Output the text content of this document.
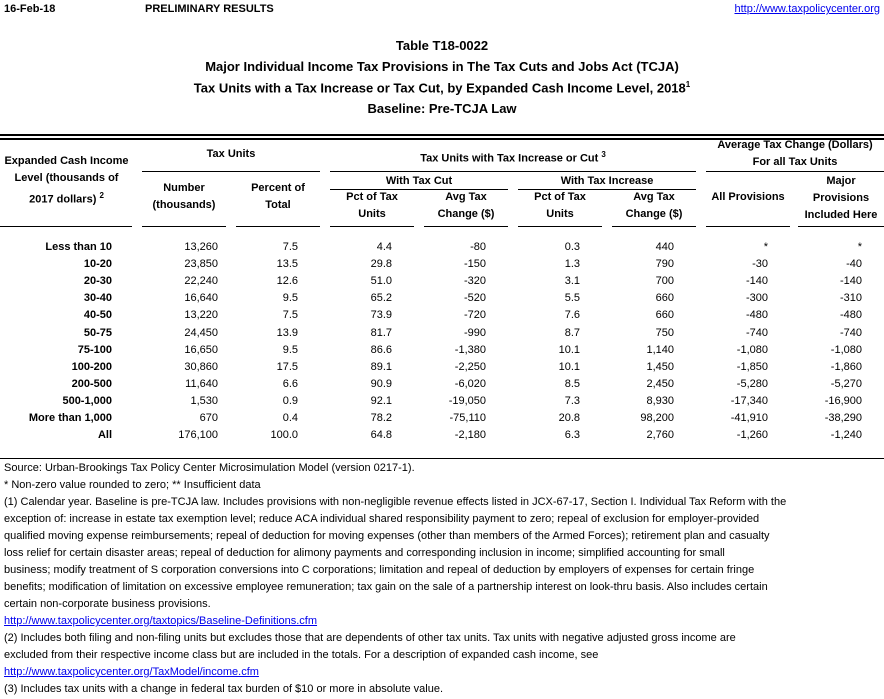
16-Feb-18	PRELIMINARY RESULTS	http://www.taxpolicycenter.org
Table T18-0022
Major Individual Income Tax Provisions in The Tax Cuts and Jobs Act (TCJA)
Tax Units with a Tax Increase or Tax Cut, by Expanded Cash Income Level, 2018$^1$
Baseline: Pre-TCJA Law
Expanded Cash Income
Level (thousands of
2017 dollars) $^2$
Tax Units
Number
(thousands)
Percent of
Total
Tax Units with Tax Increase or Cut $^3$
With Tax Cut	With Tax Increase
Pct of Tax
Units
Avg Tax
Change ($)
Pct of Tax
Units
Avg Tax
Change ($)
Average Tax Change (Dollars)
For all Tax Units
All Provisions
Major
Provisions
Included Here
Less than 10	13,260	7.5	4.4	-80	0.3	440	*	*
10-20	23,850	13.5	29.8	-150	1.3	790	-30	-40
20-30	22,240	12.6	51.0	-320	3.1	700	-140	-140
30-40	16,640	9.5	65.2	-520	5.5	660	-300	-310
40-50	13,220	7.5	73.9	-720	7.6	660	-480	-480
50-75	24,450	13.9	81.7	-990	8.7	750	-740	-740
75-100	16,650	9.5	86.6	-1,380	10.1	1,140	-1,080	-1,080
100-200	30,860	17.5	89.1	-2,250	10.1	1,450	-1,850	-1,860
200-500	11,640	6.6	90.9	-6,020	8.5	2,450	-5,280	-5,270
500-1,000	1,530	0.9	92.1	-19,050	7.3	8,930	-17,340	-16,900
More than 1,000	670	0.4	78.2	-75,110	20.8	98,200	-41,910	-38,290
All	176,100	100.0	64.8	-2,180	6.3	2,760	-1,260	-1,240
Source: Urban-Brookings Tax Policy Center Microsimulation Model (version 0217-1).
* Non-zero value rounded to zero; ** Insufficient data
(1) Calendar year. Baseline is pre-TCJA law. Includes provisions with non-negligible revenue effects listed in JCX-67-17, Section I. Individual Tax Reform with the
exception of: increase in estate tax exemption level; reduce ACA individual shared responsibility payment to zero; repeal of exclusion for employer-provided
qualified moving expense reimbursements; repeal of deduction for moving expenses (other than members of the Armed Forces); retirement plan and casualty
loss relief for certain disaster areas; repeal of deduction for alimony payments and corresponding inclusion in income; simplified accounting for small
business; modify treatment of S corporation conversions into C corporations; limitation and repeal of deduction by employers of expenses for certain fringe
benefits; modification of limitation on excessive employee remuneration; tax gain on the sale of a partnership interest on look-thru basis. Also includes certain
certain non-corporate business provisions.
http://www.taxpolicycenter.org/taxtopics/Baseline-Definitions.cfm
(2) Includes both filing and non-filing units but excludes those that are dependents of other tax units. Tax units with negative adjusted gross income are
excluded from their respective income class but are included in the totals. For a description of expanded cash income, see
http://www.taxpolicycenter.org/TaxModel/income.cfm
(3) Includes tax units with a change in federal tax burden of $10 or more in absolute value.
